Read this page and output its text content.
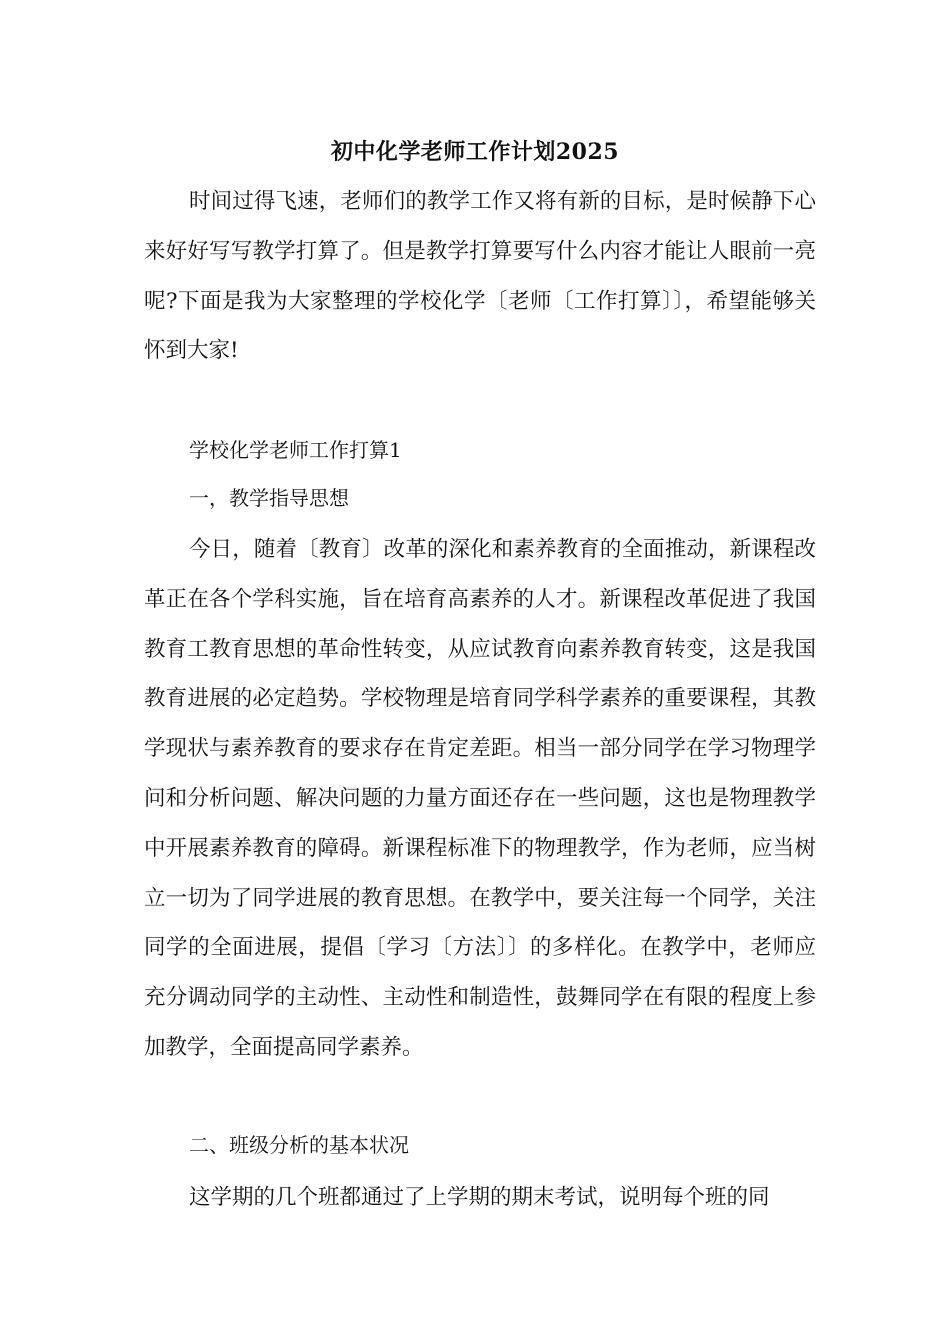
初中化学老师工作计划2025

时间过得飞速，老师们的教学工作又将有新的目标，是时候静下心来好好写写教学打算了。但是教学打算要写什么内容才能让人眼前一亮呢?下面是我为大家整理的学校化学〔老师〔工作打算〕〕，希望能够关怀到大家!

学校化学老师工作打算1

一，教学指导思想

今日，随着〔教育〕改革的深化和素养教育的全面推动，新课程改革正在各个学科实施，旨在培育高素养的人才。新课程改革促进了我国教育工教育思想的革命性转变，从应试教育向素养教育转变，这是我国教育进展的必定趋势。学校物理是培育同学科学素养的重要课程，其教学现状与素养教育的要求存在肯定差距。相当一部分同学在学习物理学问和分析问题、解决问题的力量方面还存在一些问题，这也是物理教学中开展素养教育的障碍。新课程标准下的物理教学，作为老师，应当树立一切为了同学进展的教育思想。在教学中，要关注每一个同学，关注同学的全面进展，提倡〔学习〔方法〕〕的多样化。在教学中，老师应充分调动同学的主动性、主动性和制造性，鼓舞同学在有限的程度上参加教学，全面提高同学素养。

二、班级分析的基本状况

这学期的几个班都通过了上学期的期末考试，说明每个班的同
